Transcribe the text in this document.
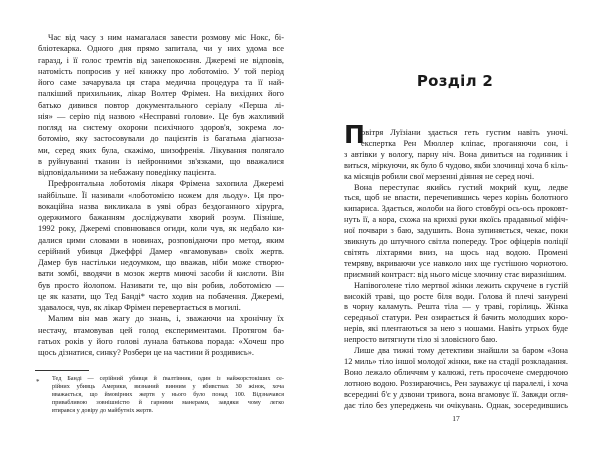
*
Час від часу з ним намагалася завести розмову міс Нокс, бі-
бліотекарка. Одного дня прямо запитала, чи у них удома все
гаразд, і її голос тремтів від занепокоєння. Джеремі не відповів,
натомість попросив у неї книжку про лоботомію. У той період
його саме зачарувала ця стара медична процедура та її най-
палкіший прихильник, лікар Волтер Фрімен. На вихідних його
батько дивився повтор документального серіалу «Перша лі-
нія» — серію під назвою «Несправні голови». Це був жахливий
погляд на систему охорони психічного здоров'я, зокрема ло-
ботомію, яку застосовували до пацієнтів із багатьма діагноза-
ми, серед яких була, скажімо, шизофренія. Лікування полягало
в руйнуванні тканин із нейронними зв'язками, що вважалися
відповідальними за небажану поведінку пацієнта.
Префронтальна лоботомія лікаря Фрімена захопила Джеремі
найбільше. Її називали «лоботомією ножем для льоду». Ця про-
вокаційна назва викликала в уяві образ бездоганного хірурга,
одержимого бажанням досліджувати хворий розум. Пізніше,
1992 року, Джеремі сповнювався огиди, коли чув, як недбало ки-
далися цими словами в новинах, розповідаючи про метод, яким
серійний убивця Джеффрі Дамер «вгамовував» своїх жертв.
Дамер був настільки недоумком, що вважав, ніби може створю-
вати зомбі, вводячи в мозок жертв миючі засоби й кислоти. Він
був просто йолопом. Називати те, що він робив, лоботомією —
це як казати, що Тед Банді* часто ходив на побачення. Джеремі,
здавалося, чув, як лікар Фрімен перевертається в могилі.
Малим він мав жагу до знань, і, зважаючи на хронічну їх
нестачу, втамовував цей голод експериментами. Протягом ба-
гатьох років у його голові лунала батькова порада: «Хочеш про
щось дізнатися, синку? Розбери це на частини й роздивись».
Тед Банді — серійний убивця й ґвалтівник, один із найжорстокіших се-
рійних убивць Америки, визнаний винним у вбивствах 30 жінок, хоча
вважається, що ймовірних жертв у нього було понад 100. Відзначався
привабливою зовнішністю й гарними манерами, завдяки чому легко
втирався у довіру до майбутніх жертв.
Розділ 2
П
17
овітря Луїзіани здається геть густим навіть уночі.
експертка Рен Мюллер кліпає, проганяючи сон, і
з автівки у вологу, парну ніч. Вона дивиться на годинник і
виться, міркуючи, як було б чудово, якби злочинці хоча б кіль-
ка місяців робили свої мерзенні діяння не серед ночі.
Вона переступає якийсь густий мокрий кущ, ледве
ться, щоб не впасти, перечепившись через корінь болотного
кипариса. Здається, жолоби на його стовбурі ось-ось проковт-
нуть її, а кора, схожа на крихкі руки якоїсь прадавньої міфіч-
ної почвари з баю, задушить. Вона зупиняється, чекає, поки
звикнуть до штучного світла попереду. Троє офіцерів поліції
світять ліхтарями вниз, на щось над водою. Промені
темряву, вкриваючи усе навколо них ще густішою чорнотою.
приємний контраст: від нього місце злочину стає виразнішим.
Напівоголене тіло мертвої жінки лежить скручене в густій
високій траві, що росте біля води. Голова й плечі занурені
в чорну каламуть. Решта тіла — у траві, горілиць. Жінка
середньої статури. Рен озирається й бачить молодших коро-
нерів, які плентаються за нею з ношами. Навіть утрьох буде
непросто витягнути тіло зі зловісного баю.
Лише два тижні тому детективи знайшли за баром «Зона
12 миль» тіло іншої молодої жінки, вже на стадії розкладання.
Воно лежало обличчям у калюжі, геть просочене смердючою
лотною водою. Роззираючись, Рен зауважує ці паралелі, і хоча
всередині б'є у дзвони тривога, вона вгамовує її. Завжди огля-
дає тіло без упереджень чи очікувань. Однак, зосередившись
